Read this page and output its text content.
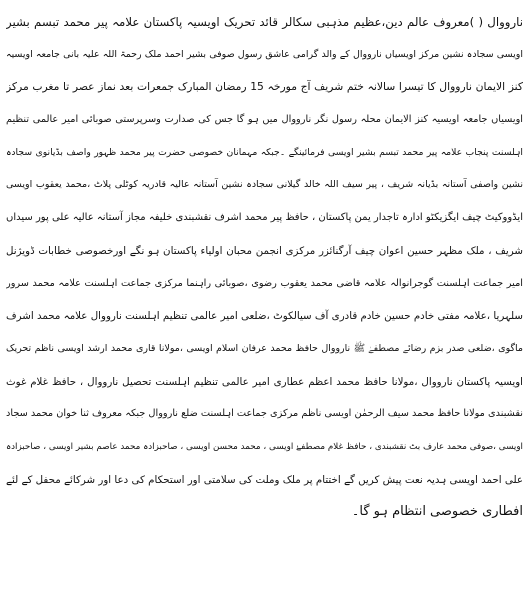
نارووال ( )معروف عالم دین،عظیم مذہبی سکالر قائد تحریک اویسیہ پاکستان علامہ پیر محمد تبسم بشیر
اویسی سجادہ نشین مرکز اویسیاں نارووال کے والد گرامی عاشق رسول صوفی بشیر احمد ملک رحمۃ اللہ علیہ بانی جامعہ اویسیہ
کنز الایمان نارووال کا تیسرا سالانہ ختم شریف آج مورخہ 15 رمضان المبارک جمعرات بعد نماز عصر تا مغرب مرکز
اویسیاں جامعہ اویسیہ کنز الایمان محلہ رسول نگر نارووال میں ہو گا جس کی صدارت وسرپرستی صوبائی امیر عالمی تنظیم
اہلسنت پنجاب علامہ پیر محمد تبسم بشیر اویسی فرمائینگے ۔جبکہ مہمانان خصوصی حضرت پیر محمد ظہور واصف بڈیانوی سجادہ
نشین واصفی آستانہ بڈیانہ شریف ، پیر سیف اللہ خالد گیلانی سجادہ نشین آستانہ عالیہ قادریہ کوٹلی پلاٹ ،محمد یعقوب اویسی
ایڈووکیٹ چیف ایگزیکٹو ادارہ تاجدار یمن پاکستان ، حافظ پیر محمد اشرف نقشبندی خلیفہ مجاز آستانہ عالیہ علی پور سیداں
شریف ، ملک مظہر حسین اعوان چیف آرگنائزر مرکزی انجمن محبان اولیاء پاکستان ہو نگے اورخصوصی خطابات ڈویژنل
امیر جماعت اہلسنت گوجرانوالہ علامہ قاضی محمد یعقوب رضوی ،صوبائی راہنما مرکزی جماعت اہلسنت علامہ محمد سرور
سلہریا ،علامہ مفتی خادم حسین خادم قادری آف سیالکوٹ ،ضلعی امیر عالمی تنظیم اہلسنت نارووال علامہ محمد اشرف
ماگوی ،ضلعی صدر بزم رضائے مصطفےٰ ﷺ نارووال حافظ محمد عرفان اسلام اویسی ،مولانا قاری محمد ارشد اویسی ناظم تحریک
اویسیہ پاکستان نارووال ،مولانا حافظ محمد اعظم عطاری امیر عالمی تنظیم اہلسنت تحصیل نارووال ، حافظ غلام غوث
نقشبندی مولانا حافظ محمد سیف الرحمٰن اویسی ناظم مرکزی جماعت اہلسنت ضلع نارووال جبکہ معروف ثنا خوان محمد سجاد
اویسی ،صوفی محمد عارف بٹ نقشبندی ، حافظ غلام مصطفےٰ اویسی ، محمد محسن اویسی ، صاحبزادہ محمد عاصم بشیر اویسی ، صاحبزادہ
علی احمد اویسی ہدیہ نعت پیش کریں گے اختتام پر ملک وملت کی سلامتی اور استحکام کی دعا اور شرکائے محفل کے لئے
افطاری خصوصی انتظام ہو گا۔
